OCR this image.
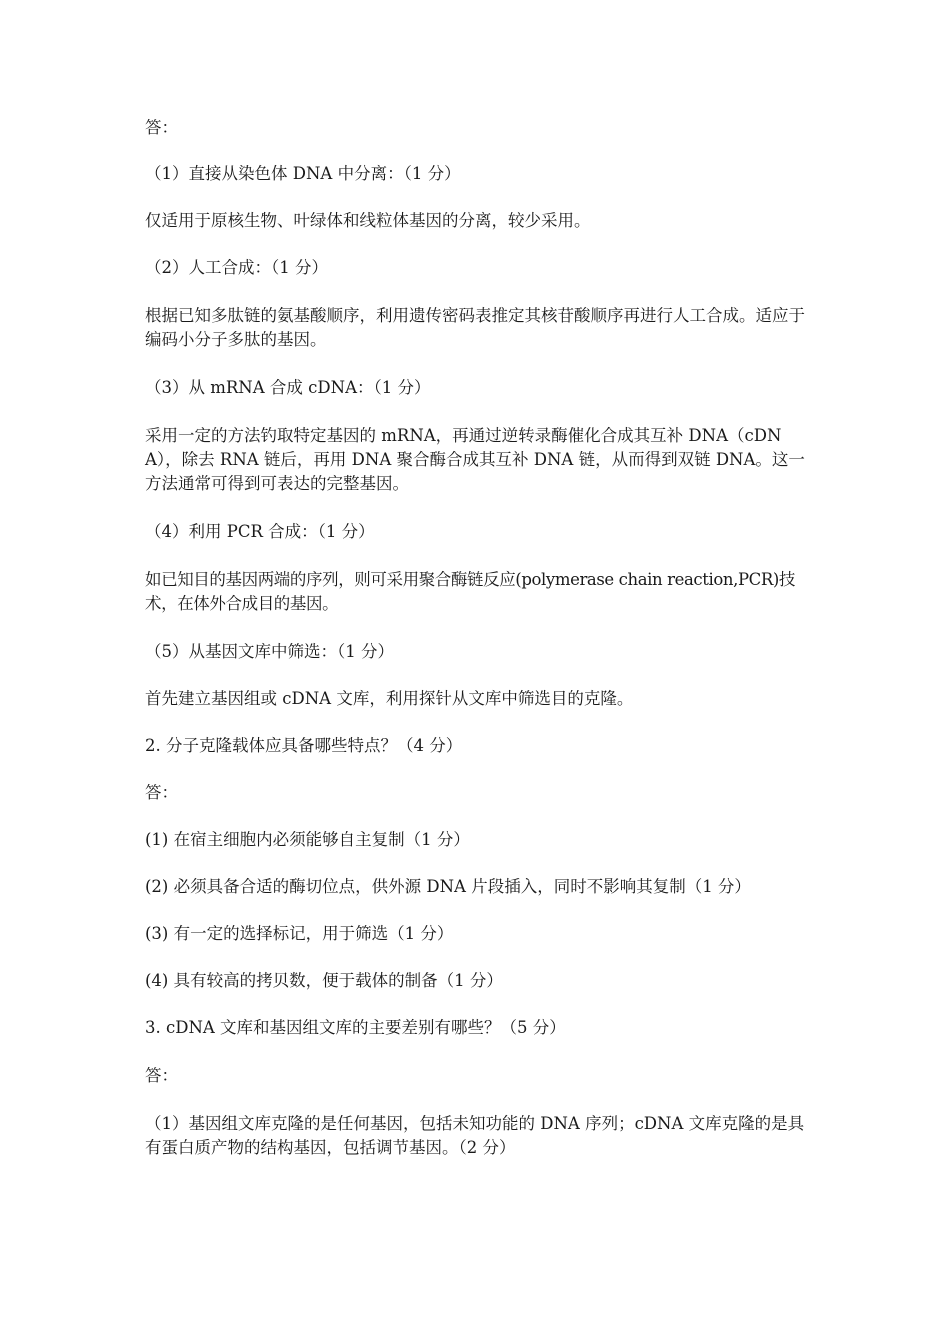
答：

（1）直接从染色体 DNA 中分离：（1 分）

仅适用于原核生物、叶绿体和线粒体基因的分离，较少采用。

（2）人工合成：（1 分）

根据已知多肽链的氨基酸顺序，利用遗传密码表推定其核苷酸顺序再进行人工合成。适应于编码小分子多肽的基因。

（3）从 mRNA 合成 cDNA：（1 分）

采用一定的方法钓取特定基因的 mRNA，再通过逆转录酶催化合成其互补 DNA（cDNA），除去 RNA 链后，再用 DNA 聚合酶合成其互补 DNA 链，从而得到双链 DNA。这一方法通常可得到可表达的完整基因。

（4）利用 PCR 合成：（1 分）

如已知目的基因两端的序列，则可采用聚合酶链反应(polymerase chain reaction,PCR)技术，在体外合成目的基因。

（5）从基因文库中筛选：（1 分）

首先建立基因组或 cDNA 文库，利用探针从文库中筛选目的克隆。

2. 分子克隆载体应具备哪些特点？（4 分）

答：

(1) 在宿主细胞内必须能够自主复制（1 分）

(2) 必须具备合适的酶切位点，供外源 DNA 片段插入，同时不影响其复制（1 分）

(3) 有一定的选择标记，用于筛选（1 分）

(4) 具有较高的拷贝数，便于载体的制备（1 分）

3. cDNA 文库和基因组文库的主要差别有哪些？（5 分）

答：

（1）基因组文库克隆的是任何基因，包括未知功能的 DNA 序列；cDNA 文库克隆的是具有蛋白质产物的结构基因，包括调节基因。（2 分）
